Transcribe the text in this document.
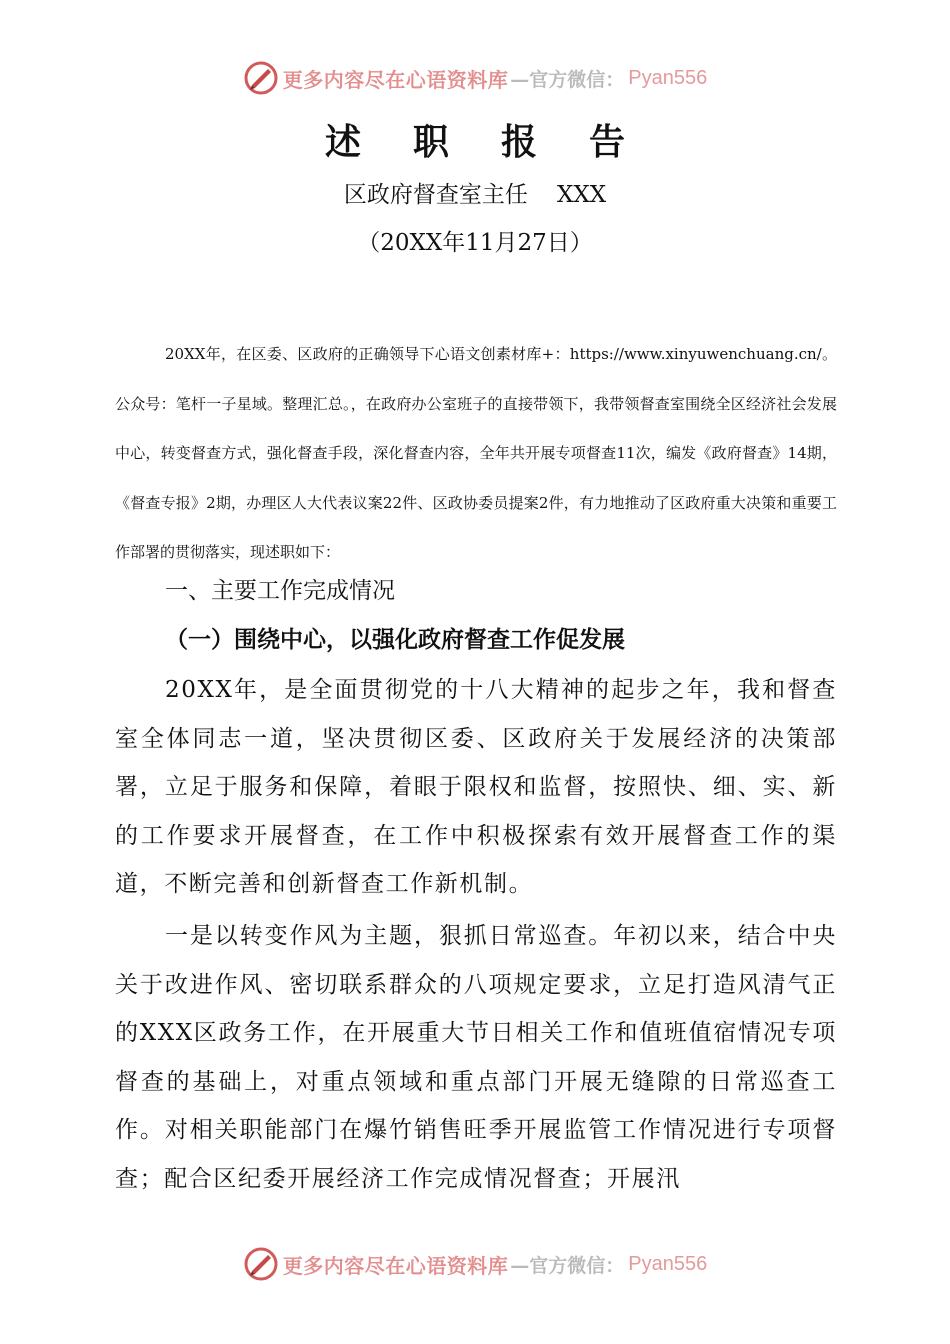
更多内容尽在心语资料库 —官方微信： Pyan556
述职报告
区政府督查室主任    XXX
（20XX年11月27日）
20XX年，在区委、区政府的正确领导下心语文创素材库+：https://www.xinyuwenchuang.cn/。公众号：笔杆一子星域。整理汇总。，在政府办公室班子的直接带领下，我带领督查室围绕全区经济社会发展中心，转变督查方式，强化督查手段，深化督查内容，全年共开展专项督查11次，编发《政府督查》14期，《督查专报》2期，办理区人大代表议案22件、区政协委员提案2件，有力地推动了区政府重大决策和重要工作部署的贯彻落实，现述职如下：
一、主要工作完成情况
（一）围绕中心，以强化政府督查工作促发展
20XX年，是全面贯彻党的十八大精神的起步之年，我和督查室全体同志一道，坚决贯彻区委、区政府关于发展经济的决策部署，立足于服务和保障，着眼于限权和监督，按照快、细、实、新的工作要求开展督查，在工作中积极探索有效开展督查工作的渠道，不断完善和创新督查工作新机制。
一是以转变作风为主题，狠抓日常巡查。年初以来，结合中央关于改进作风、密切联系群众的八项规定要求，立足打造风清气正的XXX区政务工作，在开展重大节日相关工作和值班值宿情况专项督查的基础上，对重点领域和重点部门开展无缝隙的日常巡查工作。对相关职能部门在爆竹销售旺季开展监管工作情况进行专项督查；配合区纪委开展经济工作完成情况督查；开展汛
更多内容尽在心语资料库 —官方微信： Pyan556
